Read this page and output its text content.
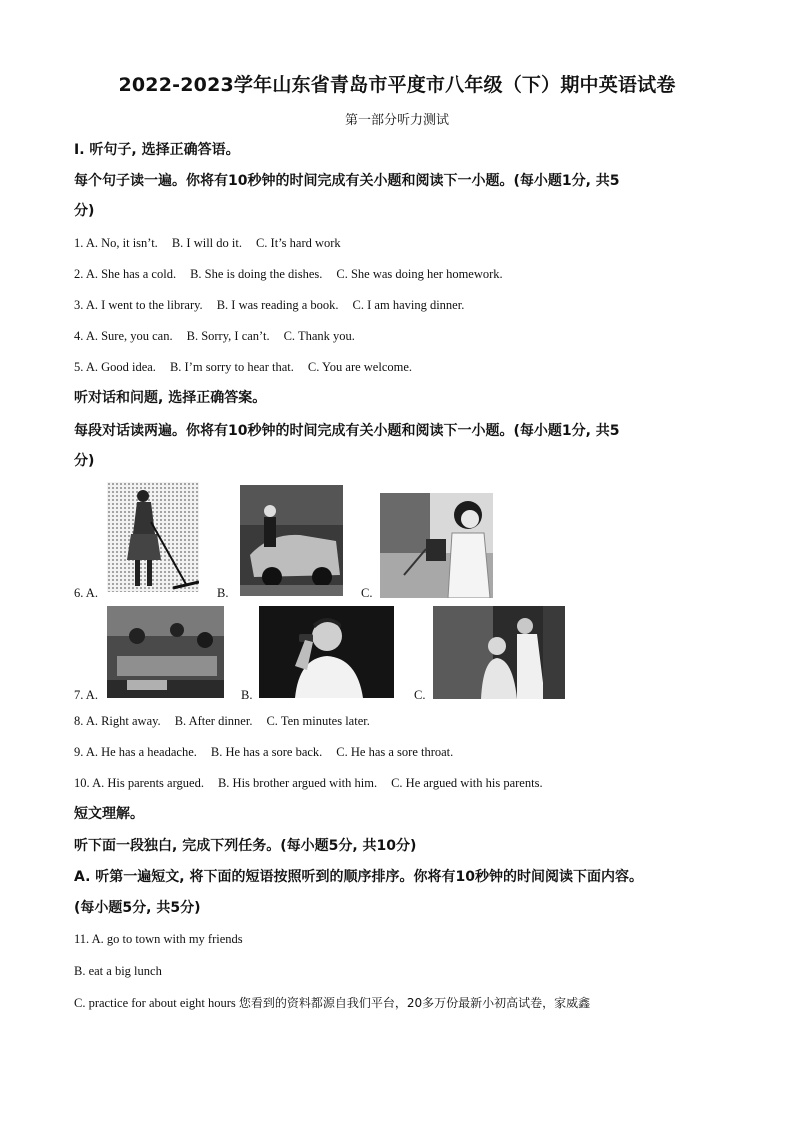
2022-2023学年山东省青岛市平度市八年级（下）期中英语试卷
第一部分听力测试
Ⅰ. 听句子, 选择正确答语。
每个句子读一遍。你将有10秒钟的时间完成有关小题和阅读下一小题。(每小题1分, 共5
分)
1. A. No, it isn’t. B. I will do it. C. It’s hard work
2. A. She has a cold. B. She is doing the dishes. C. She was doing her homework.
3. A. I went to the library. B. I was reading a book. C. I am having dinner.
4. A. Sure, you can. B. Sorry, I can’t. C. Thank you.
5. A. Good idea. B. I’m sorry to hear that. C. You are welcome.
听对话和问题, 选择正确答案。
每段对话读两遍。你将有10秒钟的时间完成有关小题和阅读下一小题。(每小题1分, 共5
分)
6. A.	B.	C.
7. A.	B.	C.
8. A. Right away. B. After dinner. C. Ten minutes later.
9. A. He has a headache. B. He has a sore back. C. He has a sore throat.
10. A. His parents argued. B. His brother argued with him. C. He argued with his parents.
短文理解。
听下面一段独白, 完成下列任务。(每小题5分, 共10分)
A. 听第一遍短文, 将下面的短语按照听到的顺序排序。你将有10秒钟的时间阅读下面内容。
(每小题5分, 共5分)
11. A. go to town with my friends
B. eat a big lunch
C. practice for about eight hours 您看到的资料都源自我们平台，20多万份最新小初高试卷，家威鑫
